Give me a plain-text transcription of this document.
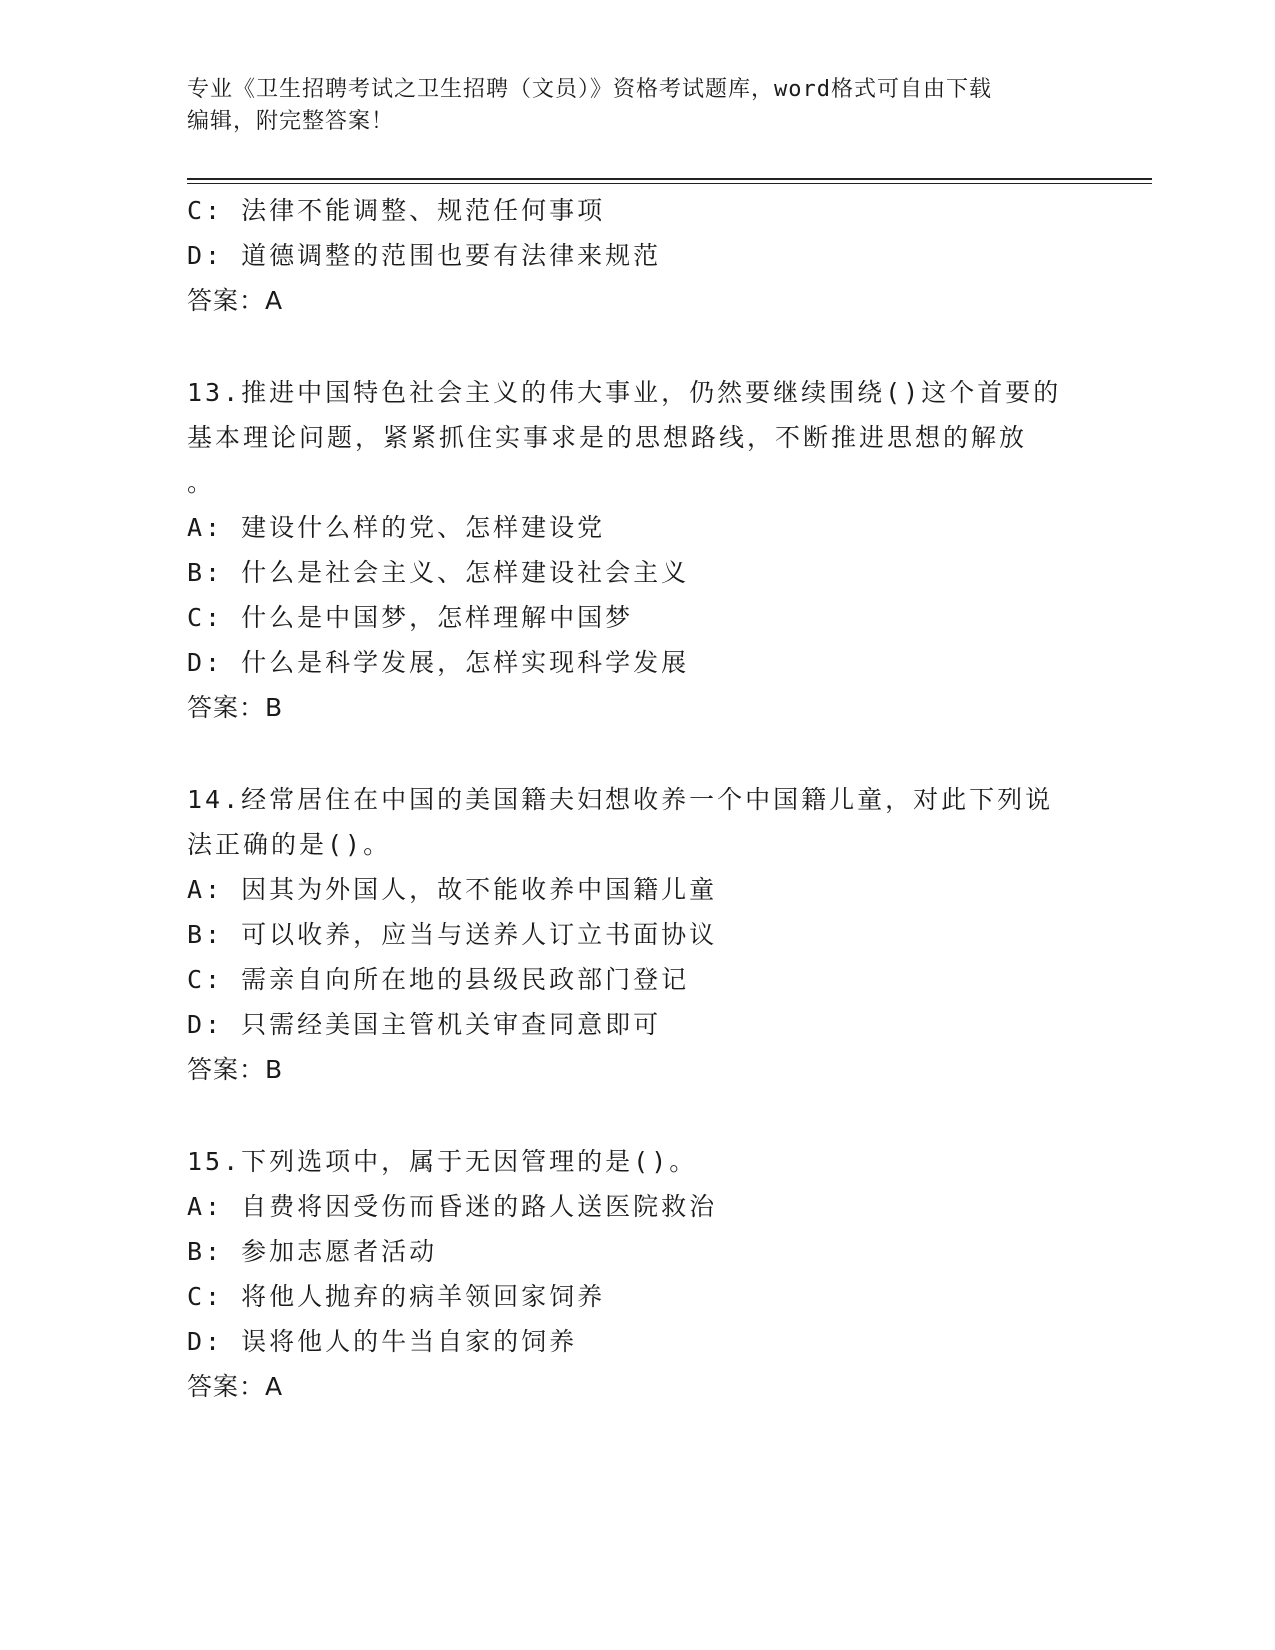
专业《卫生招聘考试之卫生招聘（文员）》资格考试题库，word格式可自由下载
编辑，附完整答案！
C: 法律不能调整、规范任何事项
D: 道德调整的范围也要有法律来规范
答案：A
13.推进中国特色社会主义的伟大事业，仍然要继续围绕()这个首要的
基本理论问题，紧紧抓住实事求是的思想路线，不断推进思想的解放
。
A: 建设什么样的党、怎样建设党
B: 什么是社会主义、怎样建设社会主义
C: 什么是中国梦，怎样理解中国梦
D: 什么是科学发展，怎样实现科学发展
答案：B
14.经常居住在中国的美国籍夫妇想收养一个中国籍儿童，对此下列说
法正确的是()。
A: 因其为外国人，故不能收养中国籍儿童
B: 可以收养，应当与送养人订立书面协议
C: 需亲自向所在地的县级民政部门登记
D: 只需经美国主管机关审查同意即可
答案：B
15.下列选项中，属于无因管理的是()。
A: 自费将因受伤而昏迷的路人送医院救治
B: 参加志愿者活动
C: 将他人抛弃的病羊领回家饲养
D: 误将他人的牛当自家的饲养
答案：A
